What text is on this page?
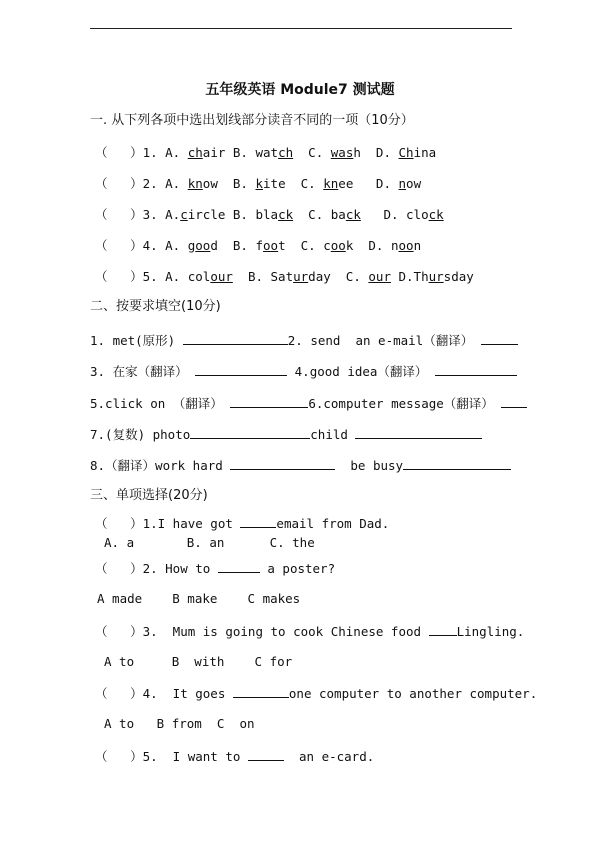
五年级英语 Module7 测试题
一. 从下列各项中选出划线部分读音不同的一项（10分）
（   ）1. A. chair B. watch  C. wash  D. China
（   ）2. A. know  B. kite  C. knee   D. now
（   ）3. A.circle B. black  C. back   D. clock
（   ）4. A. good  B. foot  C. cook  D. noon
（   ）5. A. colour  B. Saturday  C. our D.Thursday
二、按要求填空(10分)
1. met(原形)	2. send  an e-mail（翻译）
3. 在家（翻译）	4.good idea（翻译）
5.click on （翻译）	6.computer message（翻译）
7.(复数) photo	child
8.（翻译）work hard	be busy
三、单项选择(20分)
（   ）1.I have got	email from Dad.
A. a       B. an      C. the
（   ）2. How to	a poster?
A made    B make    C makes
（   ）3.  Mum is going to cook Chinese food Lingling.
A to     B  with    C for
（   ）4.  It goes	one computer to another computer.
A to   B from  C  on
（   ）5.  I want to	an e-card.
